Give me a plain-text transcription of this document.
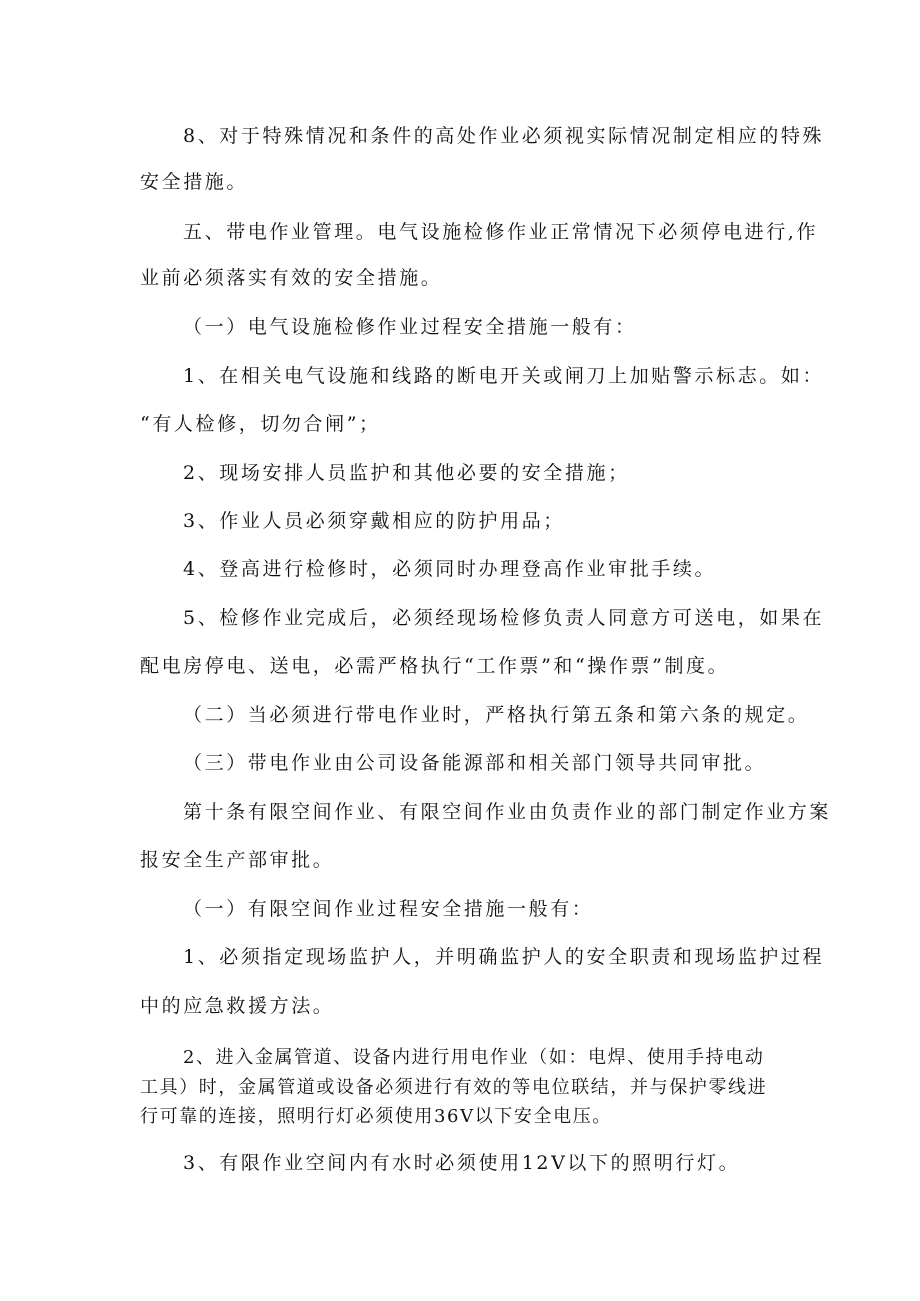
8、对于特殊情况和条件的高处作业必须视实际情况制定相应的特殊
安全措施。
五、带电作业管理。电气设施检修作业正常情况下必须停电进行,作
业前必须落实有效的安全措施。
（一）电气设施检修作业过程安全措施一般有：
1、在相关电气设施和线路的断电开关或闸刀上加贴警示标志。如：
“有人检修，切勿合闸”；
2、现场安排人员监护和其他必要的安全措施；
3、作业人员必须穿戴相应的防护用品；
4、登高进行检修时，必须同时办理登高作业审批手续。
5、检修作业完成后，必须经现场检修负责人同意方可送电，如果在
配电房停电、送电，必需严格执行“工作票”和“操作票”制度。
（二）当必须进行带电作业时，严格执行第五条和第六条的规定。
（三）带电作业由公司设备能源部和相关部门领导共同审批。
第十条有限空间作业、有限空间作业由负责作业的部门制定作业方案
报安全生产部审批。
（一）有限空间作业过程安全措施一般有：
1、必须指定现场监护人，并明确监护人的安全职责和现场监护过程
中的应急救援方法。
2、进入金属管道、设备内进行用电作业（如：电焊、使用手持电动
工具）时，金属管道或设备必须进行有效的等电位联结，并与保护零线进
行可靠的连接，照明行灯必须使用36V以下安全电压。
3、有限作业空间内有水时必须使用12V以下的照明行灯。
